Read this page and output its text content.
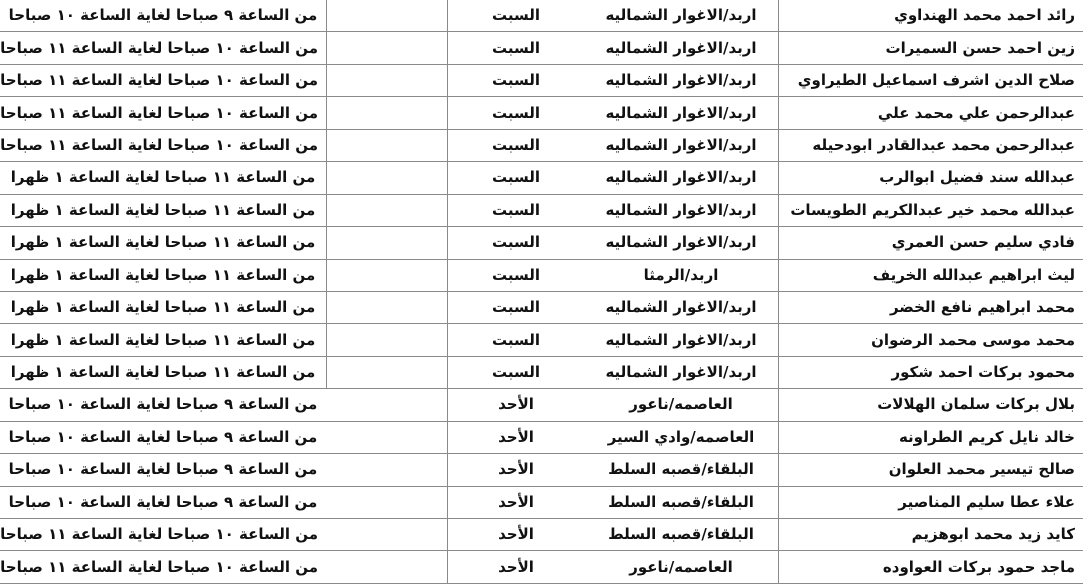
رائد احمد محمد الهنداوي	اربد/الاغوار الشماليه	السبت		من الساعة ٩ صباحا لغاية الساعة ١٠ صباحا
زين احمد حسن السميرات	اربد/الاغوار الشماليه	السبت		من الساعة ١٠ صباحا لغاية الساعة ١١ صباحا
صلاح الدين اشرف اسماعيل الطيراوي	اربد/الاغوار الشماليه	السبت		من الساعة ١٠ صباحا لغاية الساعة ١١ صباحا
عبدالرحمن علي محمد علي	اربد/الاغوار الشماليه	السبت		من الساعة ١٠ صباحا لغاية الساعة ١١ صباحا
عبدالرحمن محمد عبدالقادر ابودحيله	اربد/الاغوار الشماليه	السبت		من الساعة ١٠ صباحا لغاية الساعة ١١ صباحا
عبدالله سند فضيل ابوالرب	اربد/الاغوار الشماليه	السبت		من الساعة ١١ صباحا لغاية الساعة ١ ظهرا
عبدالله محمد خير عبدالكريم الطويسات	اربد/الاغوار الشماليه	السبت		من الساعة ١١ صباحا لغاية الساعة ١ ظهرا
فادي سليم حسن العمري	اربد/الاغوار الشماليه	السبت		من الساعة ١١ صباحا لغاية الساعة ١ ظهرا
ليث ابراهيم عبدالله الخريف	اربد/الرمثا	السبت		من الساعة ١١ صباحا لغاية الساعة ١ ظهرا
محمد ابراهيم نافع الخضر	اربد/الاغوار الشماليه	السبت		من الساعة ١١ صباحا لغاية الساعة ١ ظهرا
محمد موسى محمد الرضوان	اربد/الاغوار الشماليه	السبت		من الساعة ١١ صباحا لغاية الساعة ١ ظهرا
محمود بركات احمد شكور	اربد/الاغوار الشماليه	السبت		من الساعة ١١ صباحا لغاية الساعة ١ ظهرا
بلال بركات سلمان الهلالات	العاصمه/ناعور	الأحد		من الساعة ٩ صباحا لغاية الساعة ١٠ صباحا
خالد نايل كريم الطراونه	العاصمه/وادي السير	الأحد		من الساعة ٩ صباحا لغاية الساعة ١٠ صباحا
صالح تيسير محمد العلوان	البلقاء/قصبه السلط	الأحد		من الساعة ٩ صباحا لغاية الساعة ١٠ صباحا
علاء عطا سليم المناصير	البلقاء/قصبه السلط	الأحد		من الساعة ٩ صباحا لغاية الساعة ١٠ صباحا
كايد زيد محمد ابوهزيم	البلقاء/قصبه السلط	الأحد		من الساعة ١٠ صباحا لغاية الساعة ١١ صباحا
ماجد حمود بركات العواوده	العاصمه/ناعور	الأحد		من الساعة ١٠ صباحا لغاية الساعة ١١ صباحا
